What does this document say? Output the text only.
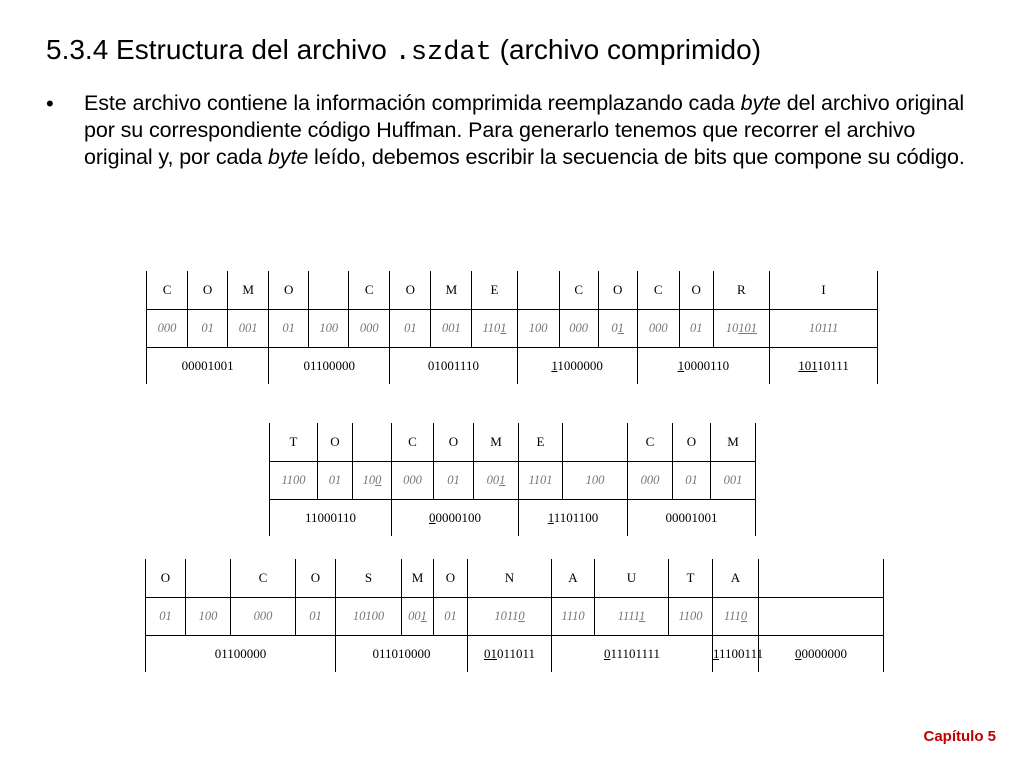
5.3.4 Estructura del archivo .szdat (archivo comprimido)
• Este archivo contiene la información comprimida reemplazando cada byte del archivo original por su correspondiente código Huffman. Para generarlo tenemos que recorrer el archivo original y, por cada byte leído, debemos escribir la secuencia de bits que compone su código.
C	O	M	O		C	O	M	E		C	O	C	O	R	I
000	01	001	01	100	000	01	001	1101	100	000	01	000	01	10101	10111
00001001			01100000			01001110			11000000			10000110			10110111
T	O		C	O	M	E		C	O	M
1100	01	100	000	01	001	1101	100	000	01	001
11000110			00000100			11101100		00001001		
O		C	O	S	M	O	N	A	U	T	A	
01	100	000	01	10100	001	01	10110	1110	11111	1100	1110	
01100000				011010000			01011011	011101111			11100111	00000000
Capítulo 5
